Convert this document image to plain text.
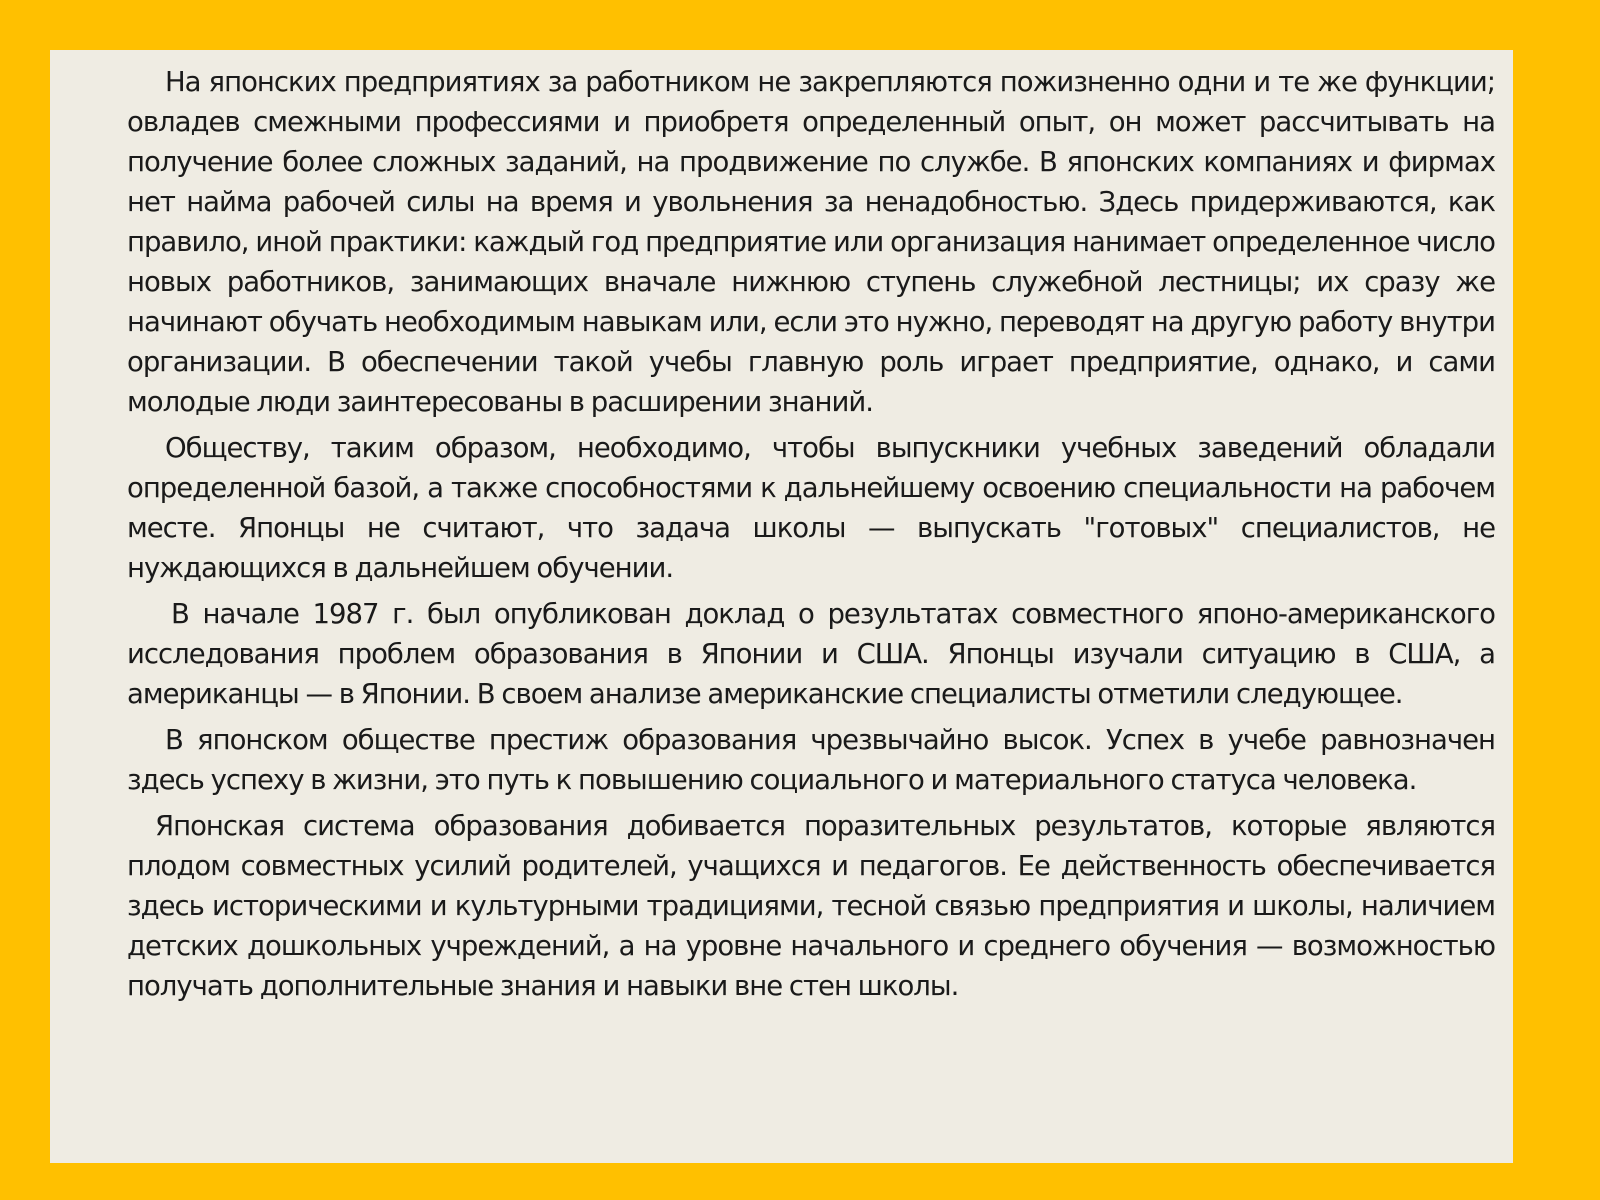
На японских предприятиях за работником не закрепляются пожизненно одни и те же функции; овладев смежными профессиями и приобретя определенный опыт, он может рассчитывать на получение более сложных заданий, на продвижение по службе. В японских компаниях и фирмах нет найма рабочей силы на время и увольнения за ненадобностью. Здесь придерживаются, как правило, иной практики: каждый год предприятие или организация нанимает определенное число новых работников, занимающих вначале нижнюю ступень служебной лестницы; их сразу же начинают обучать необходимым навыкам или, если это нужно, переводят на другую работу внутри организации. В обеспечении такой учебы главную роль играет предприятие, однако, и сами молодые люди заинтересованы в расширении знаний.

Обществу, таким образом, необходимо, чтобы выпускники учебных заведений обладали определенной базой, а также способностями к дальнейшему освоению специальности на рабочем месте. Японцы не считают, что задача школы — выпускать "готовых" специалистов, не нуждающихся в дальнейшем обучении.

В начале 1987 г. был опубликован доклад о результатах совместного японо-американского исследования проблем образования в Японии и США. Японцы изучали ситуацию в США, а американцы — в Японии. В своем анализе американские специалисты отметили следующее.

В японском обществе престиж образования чрезвычайно высок. Успех в учебе равнозначен здесь успеху в жизни, это путь к повышению социального и материального статуса человека.

Японская система образования добивается поразительных результатов, которые являются плодом совместных усилий родителей, учащихся и педагогов. Ее действенность обеспечивается здесь историческими и культурными традициями, тесной связью предприятия и школы, наличием детских дошкольных учреждений, а на уровне начального и среднего обучения — возможностью получать дополнительные знания и навыки вне стен школы.
